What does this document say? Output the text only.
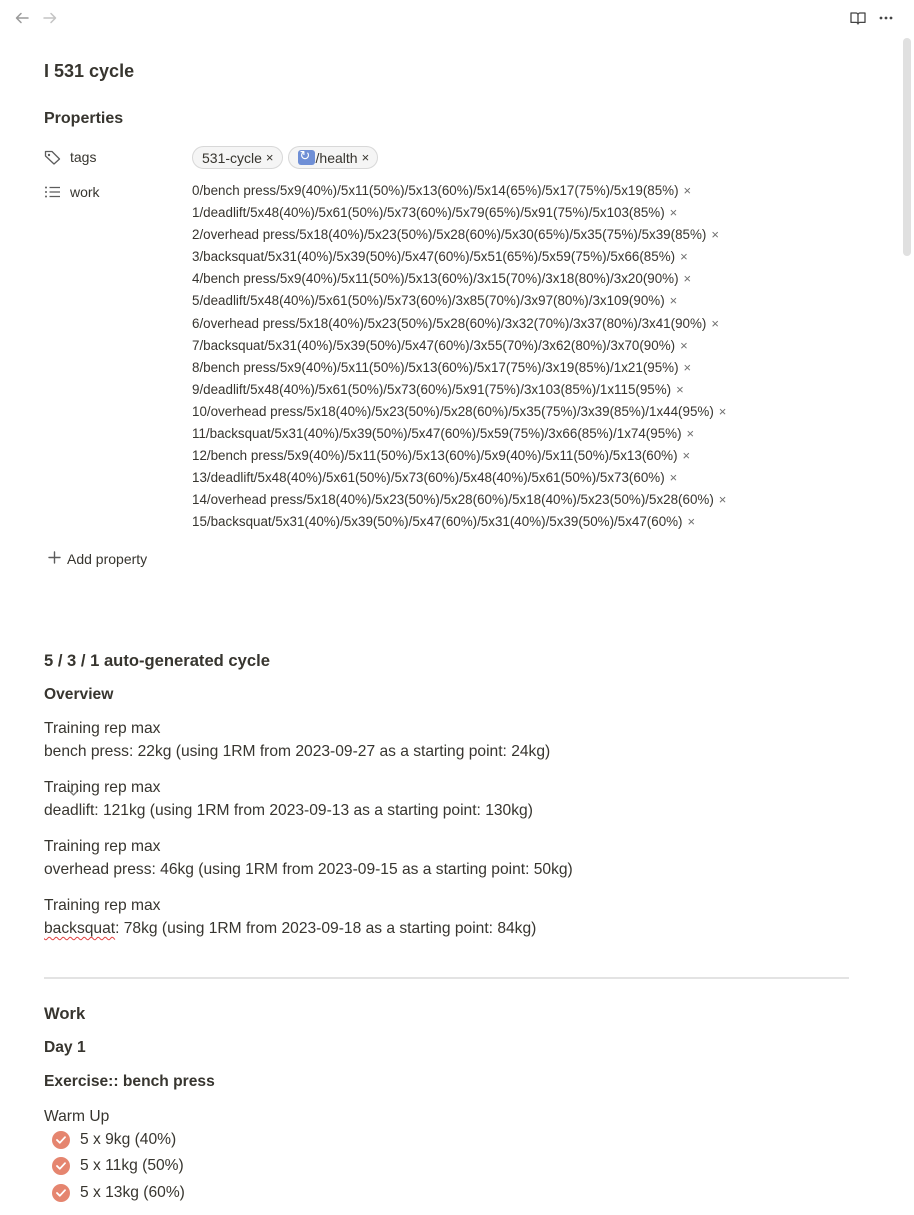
I 531 cycle
Properties
tags	531-cycle ×
↻	/health ×
work	0/bench press/5x9(40%)/5x11(50%)/5x13(60%)/5x14(65%)/5x17(75%)/5x19(85%) ×
1/deadlift/5x48(40%)/5x61(50%)/5x73(60%)/5x79(65%)/5x91(75%)/5x103(85%) ×
2/overhead press/5x18(40%)/5x23(50%)/5x28(60%)/5x30(65%)/5x35(75%)/5x39(85%) ×
3/backsquat/5x31(40%)/5x39(50%)/5x47(60%)/5x51(65%)/5x59(75%)/5x66(85%) ×
4/bench press/5x9(40%)/5x11(50%)/5x13(60%)/3x15(70%)/3x18(80%)/3x20(90%) ×
5/deadlift/5x48(40%)/5x61(50%)/5x73(60%)/3x85(70%)/3x97(80%)/3x109(90%) ×
6/overhead press/5x18(40%)/5x23(50%)/5x28(60%)/3x32(70%)/3x37(80%)/3x41(90%) ×
7/backsquat/5x31(40%)/5x39(50%)/5x47(60%)/3x55(70%)/3x62(80%)/3x70(90%) ×
8/bench press/5x9(40%)/5x11(50%)/5x13(60%)/5x17(75%)/3x19(85%)/1x21(95%) ×
9/deadlift/5x48(40%)/5x61(50%)/5x73(60%)/5x91(75%)/3x103(85%)/1x115(95%) ×
10/overhead press/5x18(40%)/5x23(50%)/5x28(60%)/5x35(75%)/3x39(85%)/1x44(95%) ×
11/backsquat/5x31(40%)/5x39(50%)/5x47(60%)/5x59(75%)/3x66(85%)/1x74(95%) ×
12/bench press/5x9(40%)/5x11(50%)/5x13(60%)/5x9(40%)/5x11(50%)/5x13(60%) ×
13/deadlift/5x48(40%)/5x61(50%)/5x73(60%)/5x48(40%)/5x61(50%)/5x73(60%) ×
14/overhead press/5x18(40%)/5x23(50%)/5x28(60%)/5x18(40%)/5x23(50%)/5x28(60%) ×
15/backsquat/5x31(40%)/5x39(50%)/5x47(60%)/5x31(40%)/5x39(50%)/5x47(60%) ×
Add property
5 / 3 / 1 auto-generated cycle
Overview
Training rep max
bench press: 22kg (using 1RM from 2023-09-27 as a starting point: 24kg)
Training rep max
deadlift: 121kg (using 1RM from 2023-09-13 as a starting point: 130kg)
Training rep max
overhead press: 46kg (using 1RM from 2023-09-15 as a starting point: 50kg)
Training rep max
backsquat: 78kg (using 1RM from 2023-09-18 as a starting point: 84kg)
Work
Day 1
Exercise:: bench press
Warm Up
5 x 9kg (40%)
5 x 11kg (50%)
5 x 13kg (60%)
